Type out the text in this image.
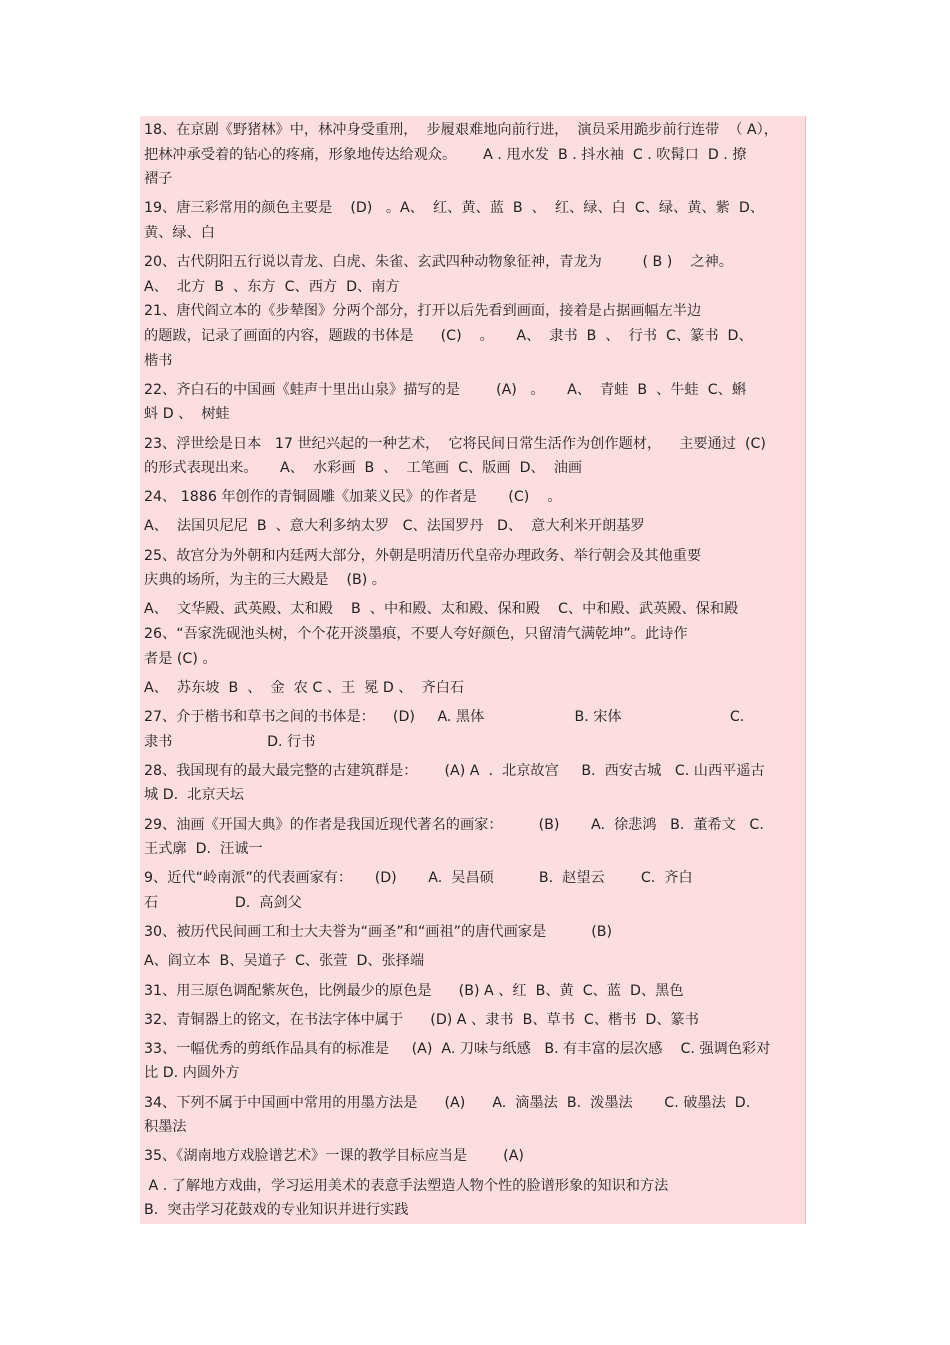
18、在京剧《野猪林》中，林冲身受重刑，  步履艰难地向前行进，  演员采用跪步前行连带  （ A），
把林冲承受着的钻心的疼痛，形象地传达给观众。      A . 甩水发  B . 抖水袖  C . 吹髯口  D . 撩
褶子
19、唐三彩常用的颜色主要是    (D)   。A、  红、黄、蓝  B  、  红、绿、白  C、绿、黄、紫  D、
黄、绿、白
20、古代阴阳五行说以青龙、白虎、朱雀、玄武四种动物象征神，青龙为         ( B )    之神。
A、  北方  B  、东方  C、西方  D、南方
21、唐代阎立本的《步辇图》分两个部分，打开以后先看到画面，接着是占据画幅左半边
的题跋，记录了画面的内容，题跋的书体是      (C)    。     A、  隶书  B  、  行书  C、篆书  D、
楷书
22、齐白石的中国画《蛙声十里出山泉》描写的是        (A)   。     A、  青蛙  B  、牛蛙  C、蝌
蚪 D 、  树蛙
23、浮世绘是日本   17 世纪兴起的一种艺术，  它将民间日常生活作为创作题材，    主要通过  (C)
的形式表现出来。     A、  水彩画  B  、  工笔画  C、版画  D、  油画
24、 1886 年创作的青铜圆雕《加莱义民》的作者是       (C)    。
A、  法国贝尼尼  B  、意大利多纳太罗   C、法国罗丹   D、  意大利米开朗基罗
25、故宫分为外朝和内廷两大部分，外朝是明清历代皇帝办理政务、举行朝会及其他重要
庆典的场所，为主的三大殿是    (B) 。
A、  文华殿、武英殿、太和殿    B  、中和殿、太和殿、保和殿    C、中和殿、武英殿、保和殿
26、“吾家洗砚池头树，个个花开淡墨痕，不要人夸好颜色，只留清气满乾坤”。此诗作
者是 (C) 。
A、  苏东坡  B  、  金  农 C 、王  冕 D 、  齐白石
27、介于楷书和草书之间的书体是：    (D)     A. 黑体                    B. 宋体                        C.
隶书                     D. 行书
28、我国现有的最大最完整的古建筑群是：      (A) A  .  北京故宫     B.  西安古城   C. 山西平遥古
城 D.  北京天坛
29、油画《开国大典》的作者是我国近现代著名的画家：        (B)       A.  徐悲鸿   B.  董希文   C.
王式廓  D.  汪诚一
9、近代“岭南派”的代表画家有：     (D)       A.  吴昌硕          B.  赵望云        C.  齐白
石                 D.  高剑父
30、被历代民间画工和士大夫誉为“画圣”和“画祖”的唐代画家是          (B)
A、阎立本  B、吴道子  C、张萱  D、张择端
31、用三原色调配紫灰色，比例最少的原色是      (B) A 、红  B、黄  C、蓝  D、黑色
32、青铜器上的铭文，在书法字体中属于      (D) A 、隶书  B、草书  C、楷书  D、篆书
33、一幅优秀的剪纸作品具有的标准是     (A)  A. 刀味与纸感   B. 有丰富的层次感    C. 强调色彩对
比 D. 内圆外方
34、下列不属于中国画中常用的用墨方法是      (A)      A.  滴墨法  B.  泼墨法       C. 破墨法  D.
积墨法
35、《湖南地方戏脸谱艺术》一课的教学目标应当是        (A)
A . 了解地方戏曲，学习运用美术的表意手法塑造人物个性的脸谱形象的知识和方法
B.  突击学习花鼓戏的专业知识并进行实践
